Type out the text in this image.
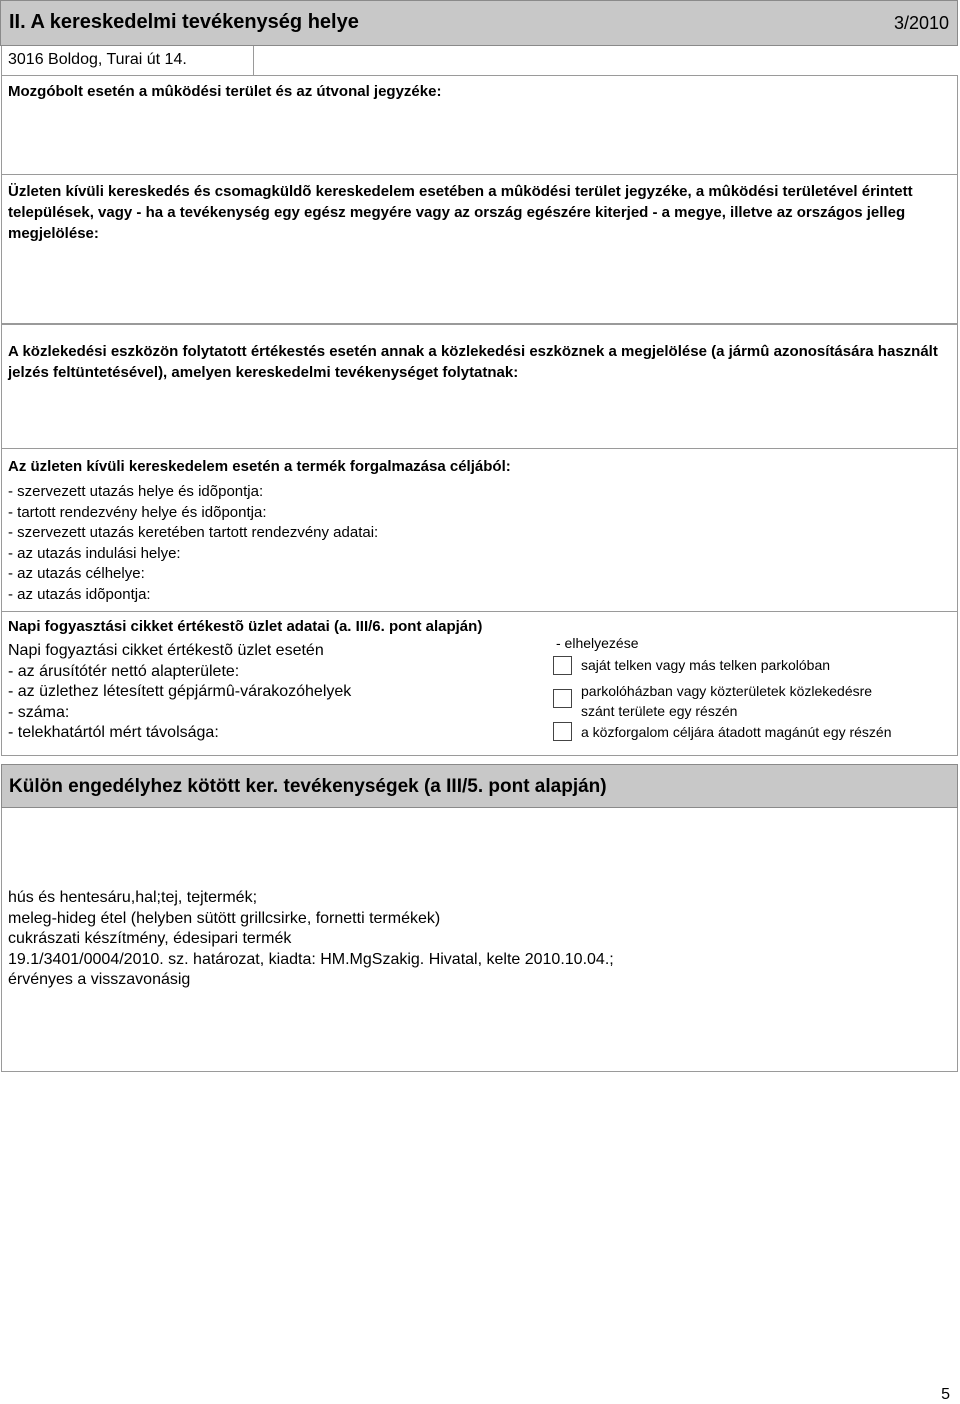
II. A kereskedelmi tevékenység helye	3/2010
3016 Boldog, Turai út 14.
Mozgóbolt esetén a mûködési terület és az útvonal jegyzéke:
Üzleten kívüli kereskedés és csomagküldõ kereskedelem esetében a mûködési terület jegyzéke, a mûködési területével érintett települések, vagy - ha a tevékenység egy egész megyére vagy az ország egészére kiterjed - a megye, illetve az országos jelleg megjelölése:
A közlekedési eszközön folytatott értékestés esetén annak a közlekedési eszköznek a megjelölése (a jármû azonosítására használt jelzés feltüntetésével), amelyen kereskedelmi tevékenységet folytatnak:
Az üzleten kívüli kereskedelem esetén a termék forgalmazása céljából:
- szervezett utazás helye és idõpontja:
- tartott rendezvény helye és idõpontja:
- szervezett utazás keretében tartott rendezvény adatai:
- az utazás indulási helye:
- az utazás célhelye:
- az utazás idõpontja:
Napi fogyasztási cikket értékestõ üzlet adatai (a. III/6. pont alapján)
Napi fogyaztási cikket értékestõ üzlet esetén
- az árusítótér nettó alapterülete:
- az üzlethez létesített gépjármû-várakozóhelyek
- száma:
- telekhatártól mért távolsága:
- elhelyezése
saját telken vagy más telken parkolóban
parkolóházban vagy közterületek közlekedésre
szánt területe egy részén
a közforgalom céljára átadott magánút egy részén
Külön engedélyhez kötött ker. tevékenységek (a III/5. pont alapján)
hús és hentesáru,hal;tej, tejtermék;
meleg-hideg étel (helyben sütött grillcsirke, fornetti termékek)
cukrászati készítmény, édesipari termék
19.1/3401/0004/2010. sz. határozat, kiadta: HM.MgSzakig. Hivatal, kelte 2010.10.04.;
érvényes a visszavonásig
5
